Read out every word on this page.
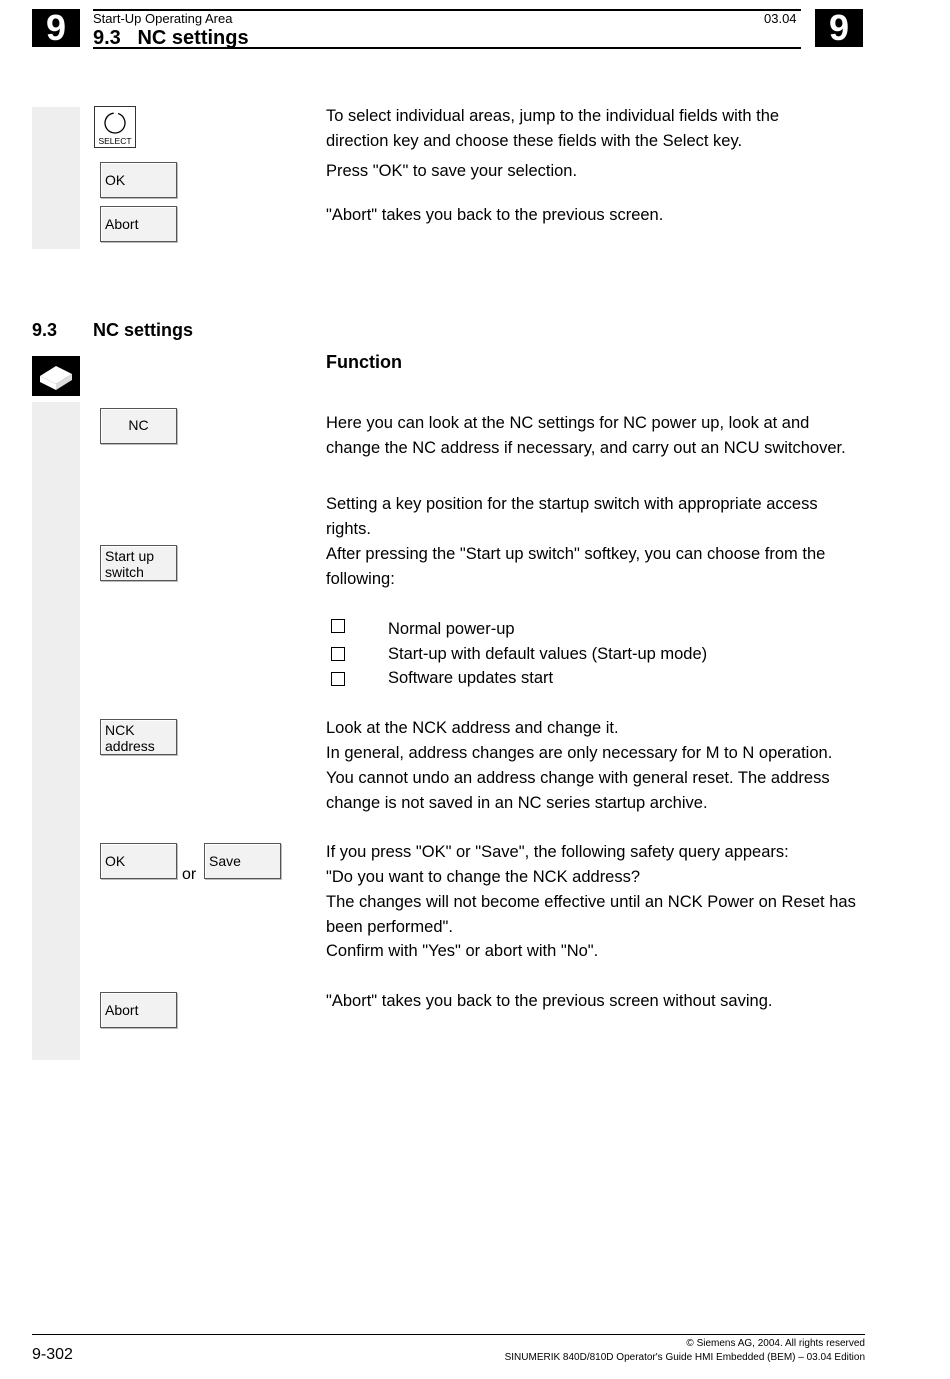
9	9
Start-Up Operating Area	03.04
9.3   NC settings
SELECT
OK
Abort
To select individual areas, jump to the individual fields with the direction key and choose these fields with the Select key.
Press "OK" to save your selection.
"Abort" takes you back to the previous screen.
9.3 NC settings
Function
NC
Start up switch
NCK address
OK
or
Save
Abort
Here you can look at the NC settings for NC power up, look at and change the NC address if necessary, and carry out an NCU switchover.
Setting a key position for the startup switch with appropriate access rights.
After pressing the "Start up switch" softkey, you can choose from the following:
Normal power-up
Start-up with default values (Start-up mode)
Software updates start
Look at the NCK address and change it.
In general, address changes are only necessary for M to N operation.
You cannot undo an address change with general reset. The address change is not saved in an NC series startup archive.
If you press "OK" or "Save", the following safety query appears:
"Do you want to change the NCK address?
The changes will not become effective until an NCK Power on Reset has been performed".
Confirm with "Yes" or abort with "No".
"Abort" takes you back to the previous screen without saving.
9-302
© Siemens AG, 2004. All rights reserved
SINUMERIK 840D/810D Operator's Guide HMI Embedded (BEM) – 03.04 Edition
